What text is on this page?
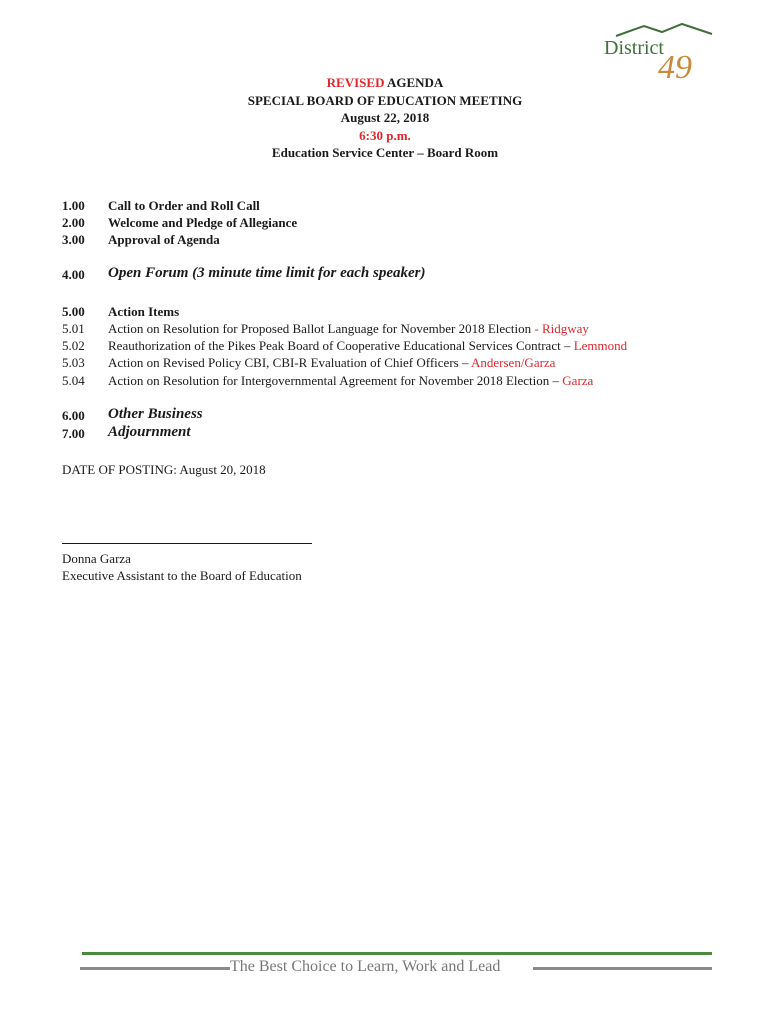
District
49
REVISED AGENDA
SPECIAL BOARD OF EDUCATION MEETING
August 22, 2018
6:30 p.m.
Education Service Center – Board Room
1.00 Call to Order and Roll Call
2.00 Welcome and Pledge of Allegiance
3.00 Approval of Agenda
4.00 Open Forum (3 minute time limit for each speaker)
5.00 Action Items
5.01 Action on Resolution for Proposed Ballot Language for November 2018 Election - Ridgway
5.02 Reauthorization of the Pikes Peak Board of Cooperative Educational Services Contract – Lemmond
5.03 Action on Revised Policy CBI, CBI-R Evaluation of Chief Officers – Andersen/Garza
5.04 Action on Resolution for Intergovernmental Agreement for November 2018 Election – Garza
6.00 Other Business
7.00 Adjournment
DATE OF POSTING: August 20, 2018
Donna Garza
Executive Assistant to the Board of Education
The Best Choice to Learn, Work and Lead
